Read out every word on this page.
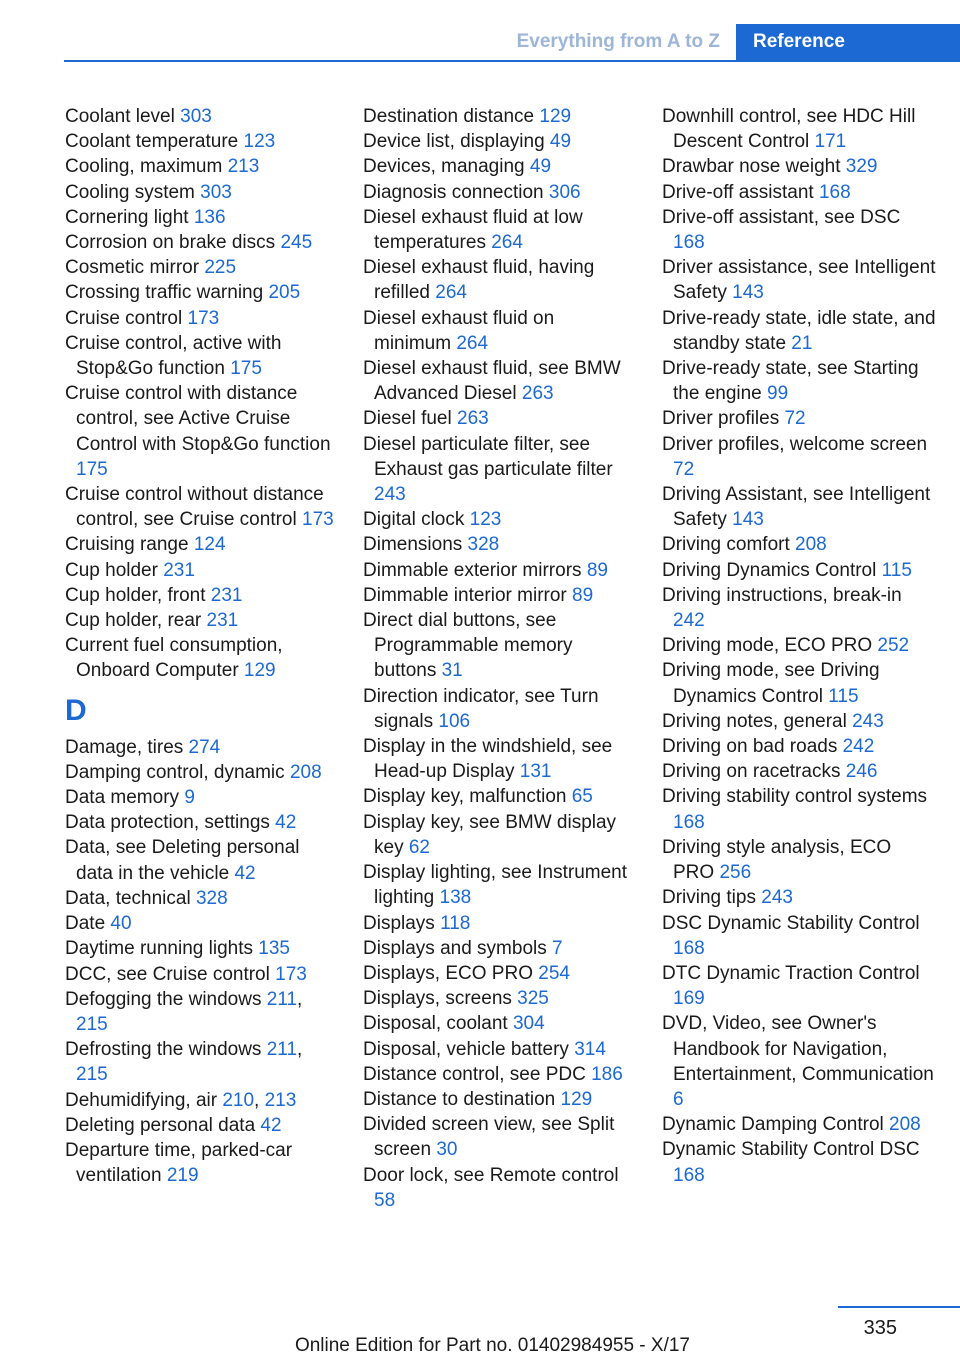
Everything from A to Z	Reference
Coolant level 303
Coolant temperature 123
Cooling, maximum 213
Cooling system 303
Cornering light 136
Corrosion on brake discs 245
Cosmetic mirror 225
Crossing traffic warning 205
Cruise control 173
Cruise control, active with Stop&Go function 175
Cruise control with distance control, see Active Cruise Control with Stop&Go function 175
Cruise control without distance control, see Cruise control 173
Cruising range 124
Cup holder 231
Cup holder, front 231
Cup holder, rear 231
Current fuel consumption, Onboard Computer 129
D
Damage, tires 274
Damping control, dynamic 208
Data memory 9
Data protection, settings 42
Data, see Deleting personal data in the vehicle 42
Data, technical 328
Date 40
Daytime running lights 135
DCC, see Cruise control 173
Defogging the windows 211, 215
Defrosting the windows 211, 215
Dehumidifying, air 210, 213
Deleting personal data 42
Departure time, parked-car ventilation 219
Destination distance 129
Device list, displaying 49
Devices, managing 49
Diagnosis connection 306
Diesel exhaust fluid at low temperatures 264
Diesel exhaust fluid, having refilled 264
Diesel exhaust fluid on minimum 264
Diesel exhaust fluid, see BMW Advanced Diesel 263
Diesel fuel 263
Diesel particulate filter, see Exhaust gas particulate filter 243
Digital clock 123
Dimensions 328
Dimmable exterior mirrors 89
Dimmable interior mirror 89
Direct dial buttons, see Programmable memory buttons 31
Direction indicator, see Turn signals 106
Display in the windshield, see Head-up Display 131
Display key, malfunction 65
Display key, see BMW display key 62
Display lighting, see Instrument lighting 138
Displays 118
Displays and symbols 7
Displays, ECO PRO 254
Displays, screens 325
Disposal, coolant 304
Disposal, vehicle battery 314
Distance control, see PDC 186
Distance to destination 129
Divided screen view, see Split screen 30
Door lock, see Remote control 58
Downhill control, see HDC Hill Descent Control 171
Drawbar nose weight 329
Drive-off assistant 168
Drive-off assistant, see DSC 168
Driver assistance, see Intelligent Safety 143
Drive-ready state, idle state, and standby state 21
Drive-ready state, see Starting the engine 99
Driver profiles 72
Driver profiles, welcome screen 72
Driving Assistant, see Intelligent Safety 143
Driving comfort 208
Driving Dynamics Control 115
Driving instructions, break-in 242
Driving mode, ECO PRO 252
Driving mode, see Driving Dynamics Control 115
Driving notes, general 243
Driving on bad roads 242
Driving on racetracks 246
Driving stability control systems 168
Driving style analysis, ECO PRO 256
Driving tips 243
DSC Dynamic Stability Control 168
DTC Dynamic Traction Control 169
DVD, Video, see Owner's Handbook for Navigation, Entertainment, Communication 6
Dynamic Damping Control 208
Dynamic Stability Control DSC 168
335
Online Edition for Part no. 01402984955 - X/17
